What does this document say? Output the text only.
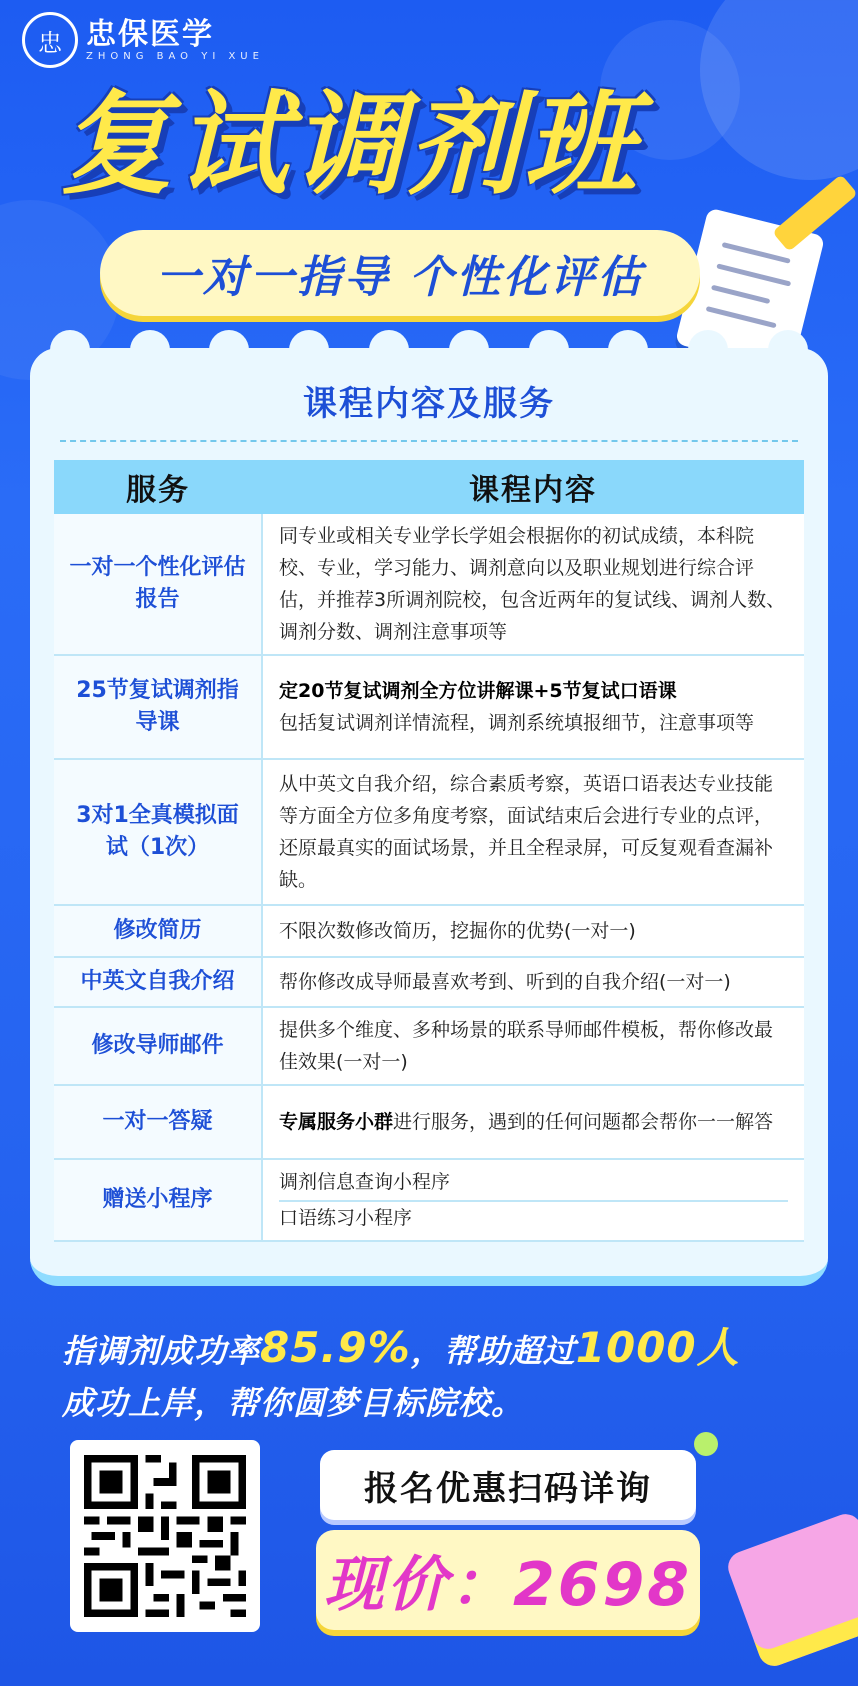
忠 忠保医学
ZHONG BAO YI XUE
复试调剂班
一对一指导 个性化评估
课程内容及服务
服务	课程内容
一对一个性化评估报告	同专业或相关专业学长学姐会根据你的初试成绩，本科院校、专业，学习能力、调剂意向以及职业规划进行综合评估，并推荐3所调剂院校，包含近两年的复试线、调剂人数、调剂分数、调剂注意事项等
25节复试调剂指导课	定20节复试调剂全方位讲解课+5节复试口语课
包括复试调剂详情流程，调剂系统填报细节，注意事项等

3对1全真模拟面试（1次）	从中英文自我介绍，综合素质考察，英语口语表达专业技能等方面全方位多角度考察，面试结束后会进行专业的点评，还原最真实的面试场景，并且全程录屏，可反复观看查漏补缺。
修改简历	不限次数修改简历，挖掘你的优势(一对一)
中英文自我介绍	帮你修改成导师最喜欢考到、听到的自我介绍(一对一)
修改导师邮件	提供多个维度、多种场景的联系导师邮件模板，帮你修改最佳效果(一对一)
一对一答疑	专属服务小群进行服务，遇到的任何问题都会帮你一一解答
赠送小程序	调剂信息查询小程序
口语练习小程序
指调剂成功率85.9%，帮助超过1000人
成功上岸，帮你圆梦目标院校。
报名优惠扫码详询
现价：2698
